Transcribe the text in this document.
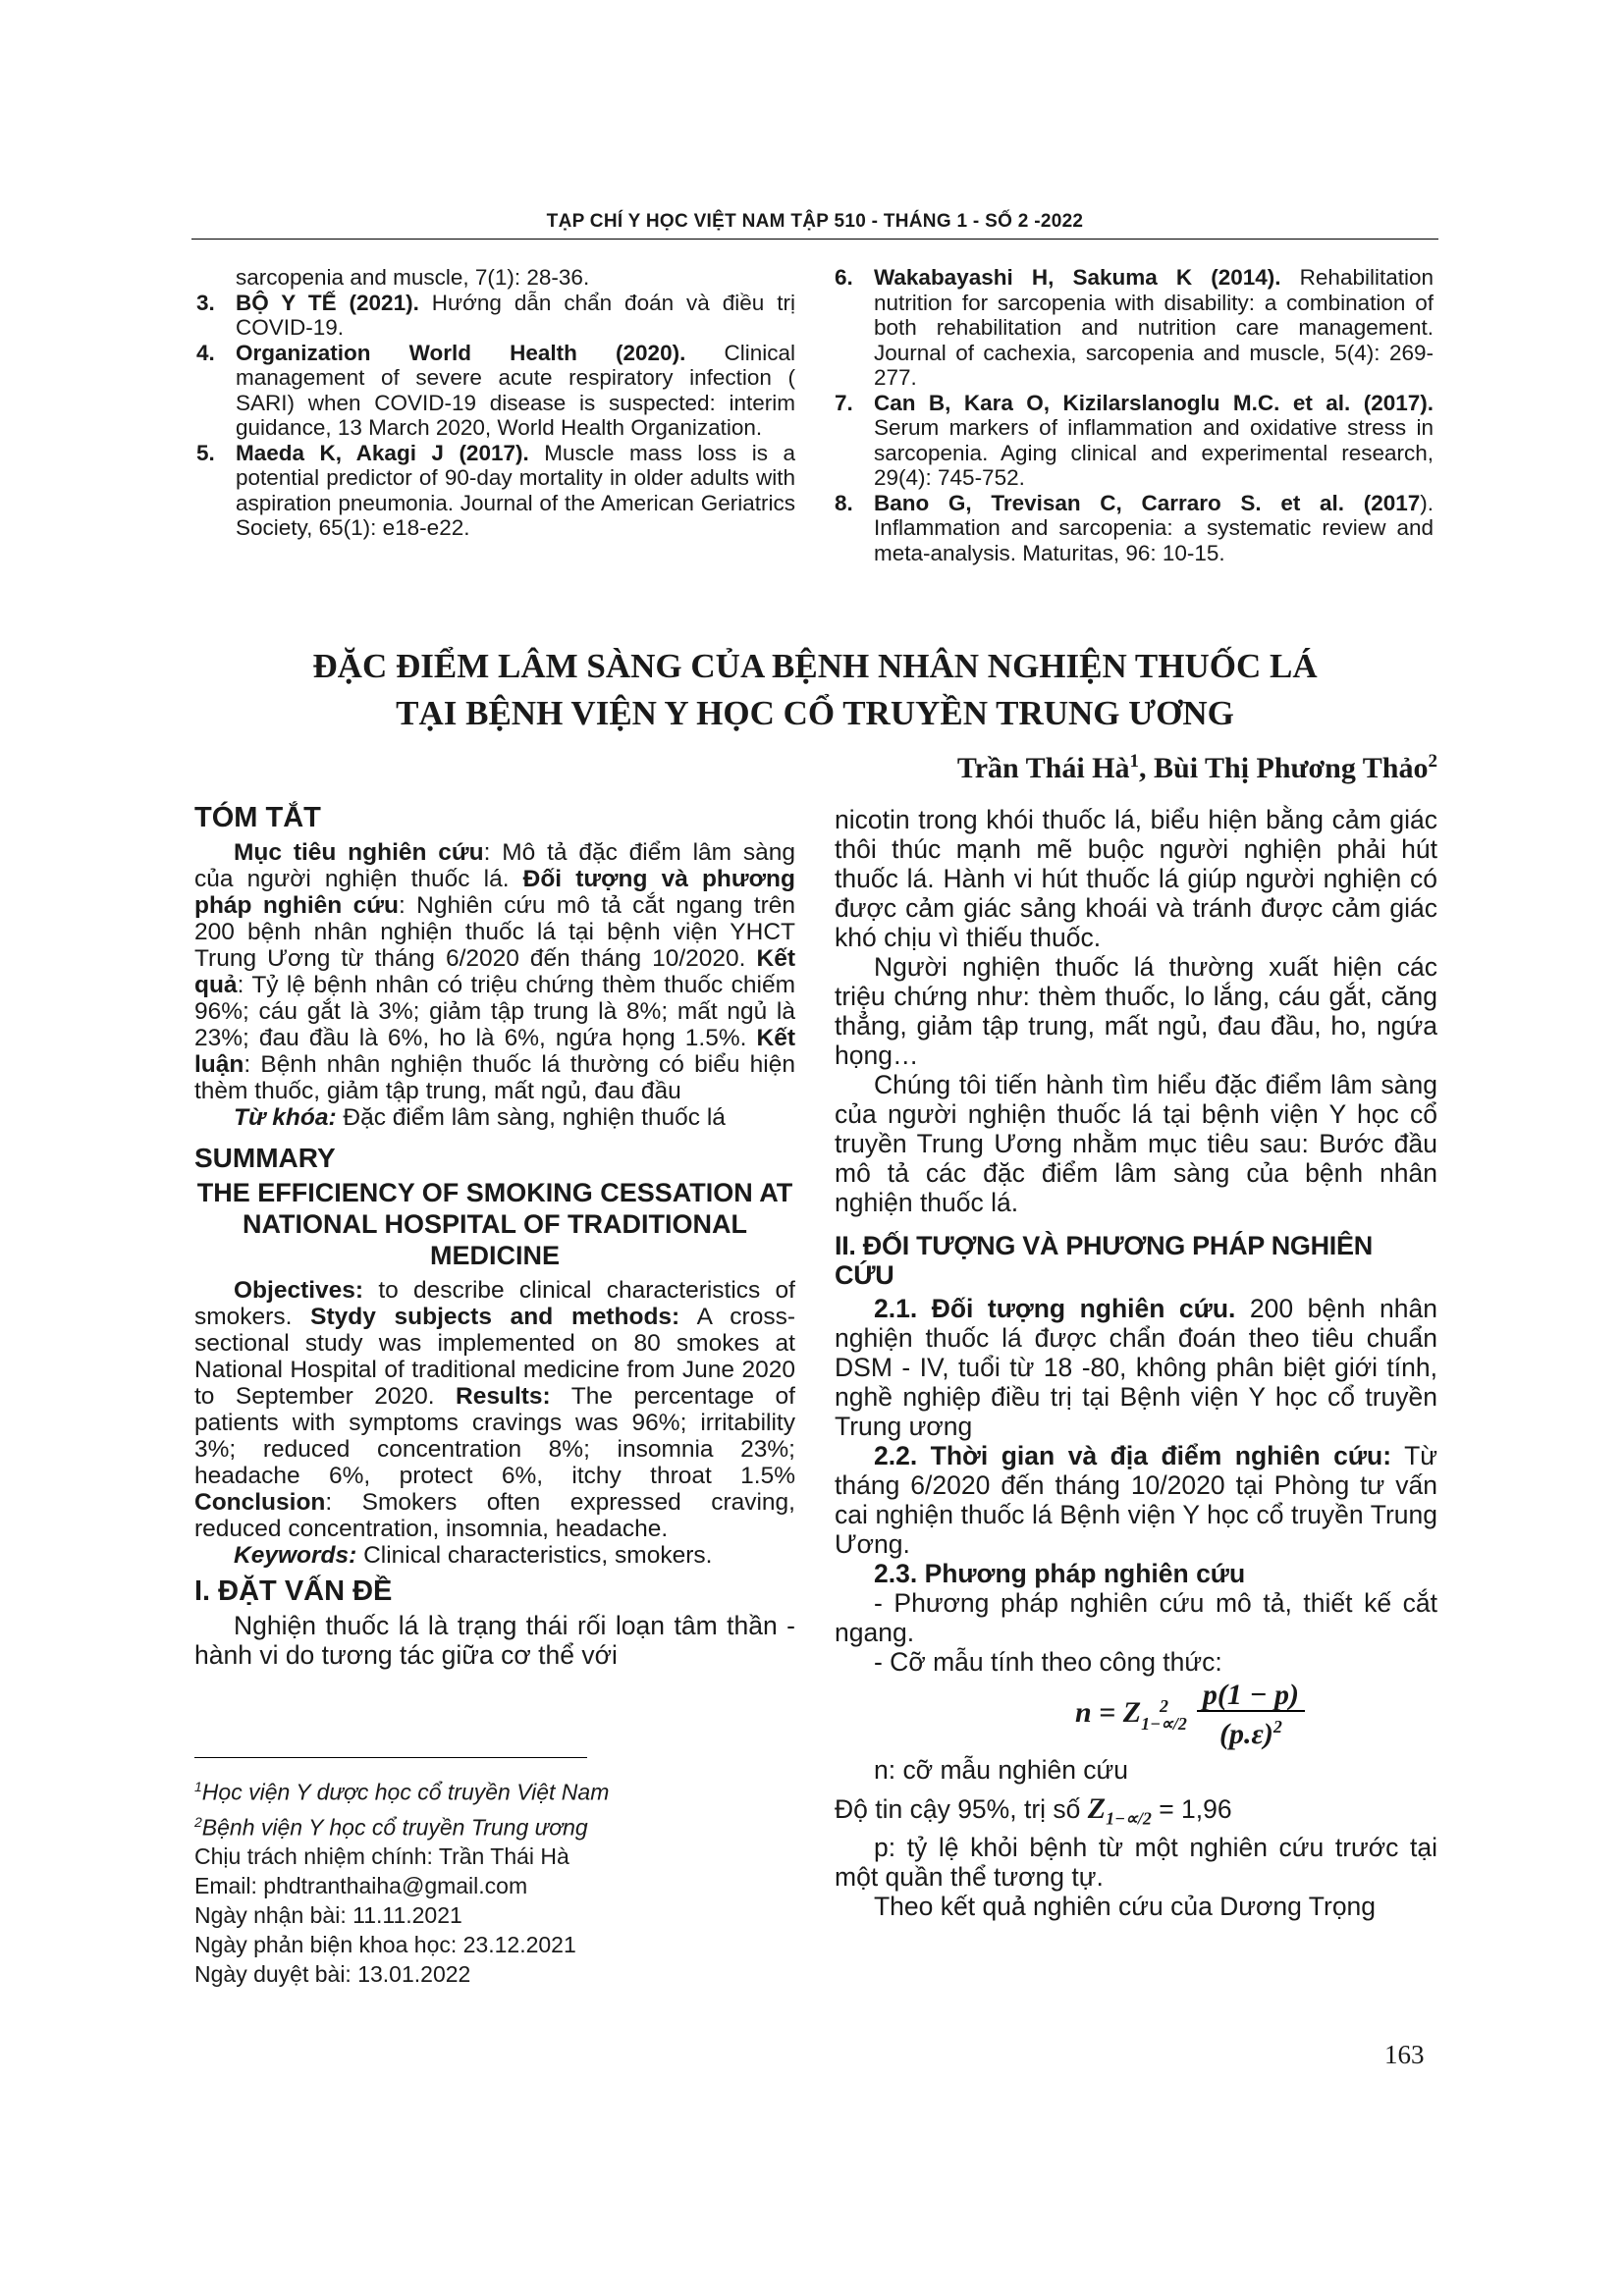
TẠP CHÍ Y HỌC VIỆT NAM TẬP 510 - THÁNG 1 - SỐ 2 -2022
sarcopenia and muscle, 7(1): 28-36.
3. BỘ Y TẾ (2021). Hướng dẫn chẩn đoán và điều trị COVID-19.
4. Organization World Health (2020). Clinical management of severe acute respiratory infection ( SARI) when COVID-19 disease is suspected: interim guidance, 13 March 2020, World Health Organization.
5. Maeda K, Akagi J (2017). Muscle mass loss is a potential predictor of 90-day mortality in older adults with aspiration pneumonia. Journal of the American Geriatrics Society, 65(1): e18-e22.
6. Wakabayashi H, Sakuma K (2014). Rehabilitation nutrition for sarcopenia with disability: a combination of both rehabilitation and nutrition care management. Journal of cachexia, sarcopenia and muscle, 5(4): 269-277.
7. Can B, Kara O, Kizilarslanoglu M.C. et al. (2017). Serum markers of inflammation and oxidative stress in sarcopenia. Aging clinical and experimental research, 29(4): 745-752.
8. Bano G, Trevisan C, Carraro S. et al. (2017). Inflammation and sarcopenia: a systematic review and meta-analysis. Maturitas, 96: 10-15.
ĐẶC ĐIỂM LÂM SÀNG CỦA BỆNH NHÂN NGHIỆN THUỐC LÁ
TẠI BỆNH VIỆN Y HỌC CỔ TRUYỀN TRUNG ƯƠNG
Trần Thái $Hà^1$, Bùi Thị Phương Thảo$^2$
TÓM TẮT

Mục tiêu nghiên cứu: Mô tả đặc điểm lâm sàng của người nghiện thuốc lá. Đối tượng và phương pháp nghiên cứu: Nghiên cứu mô tả cắt ngang trên 200 bệnh nhân nghiện thuốc lá tại bệnh viện YHCT Trung Ương từ tháng 6/2020 đến tháng 10/2020. Kết quả: Tỷ lệ bệnh nhân có triệu chứng thèm thuốc chiếm 96%; cáu gắt là 3%; giảm tập trung là 8%; mất ngủ là 23%; đau đầu là 6%, ho là 6%, ngứa họng 1.5%. Kết luận: Bệnh nhân nghiện thuốc lá thường có biểu hiện thèm thuốc, giảm tập trung, mất ngủ, đau đầu

Từ khóa: Đặc điểm lâm sàng, nghiện thuốc lá

SUMMARY
THE EFFICIENCY OF SMOKING CESSATION AT NATIONAL HOSPITAL OF TRADITIONAL MEDICINE

Objectives: to describe clinical characteristics of smokers. Stydy subjects and methods: A cross-sectional study was implemented on 80 smokes at National Hospital of traditional medicine from June 2020 to September 2020. Results: The percentage of patients with symptoms cravings was 96%; irritability 3%; reduced concentration 8%; insomnia 23%; headache 6%, protect 6%, itchy throat 1.5% Conclusion: Smokers often expressed craving, reduced concentration, insomnia, headache.

Keywords: Clinical characteristics, smokers.

I. ĐẶT VẤN ĐỀ

Nghiện thuốc lá là trạng thái rối loạn tâm thần - hành vi do tương tác giữa cơ thể với

$^1$Học viện Y dược học cổ truyền Việt Nam
$^2$Bệnh viện Y học cổ truyền Trung ương
Chịu trách nhiệm chính: Trần Thái Hà
Email: phdtranthaiha@gmail.com
Ngày nhận bài: 11.11.2021
Ngày phản biện khoa học: 23.12.2021
Ngày duyệt bài: 13.01.2022

nicotin trong khói thuốc lá, biểu hiện bằng cảm giác thôi thúc mạnh mẽ buộc người nghiện phải hút thuốc lá. Hành vi hút thuốc lá giúp người nghiện có được cảm giác sảng khoái và tránh được cảm giác khó chịu vì thiếu thuốc.

Người nghiện thuốc lá thường xuất hiện các triệu chứng như: thèm thuốc, lo lắng, cáu gắt, căng thẳng, giảm tập trung, mất ngủ, đau đầu, ho, ngứa họng…

Chúng tôi tiến hành tìm hiểu đặc điểm lâm sàng của người nghiện thuốc lá tại bệnh viện Y học cổ truyền Trung Ương nhằm mục tiêu sau: Bước đầu mô tả các đặc điểm lâm sàng của bệnh nhân nghiện thuốc lá.

II. ĐỐI TƯỢNG VÀ PHƯƠNG PHÁP NGHIÊN CỨU

2.1. Đối tượng nghiên cứu. 200 bệnh nhân nghiện thuốc lá được chẩn đoán theo tiêu chuẩn DSM - IV, tuổi từ 18 -80, không phân biệt giới tính, nghề nghiệp điều trị tại Bệnh viện Y học cổ truyền Trung ương

2.2. Thời gian và địa điểm nghiên cứu: Từ tháng 6/2020 đến tháng 10/2020 tại Phòng tư vấn cai nghiện thuốc lá Bệnh viện Y học cổ truyền Trung Ương.

2.3. Phương pháp nghiên cứu

- Phương pháp nghiên cứu mô tả, thiết kế cắt ngang.

- Cỡ mẫu tính theo công thức:

n = Z	2
$1-\propto/2 \frac{p(1 - p)}{(p.\varepsilon)^2}$

n: cỡ mẫu nghiên cứu

Độ tin cậy 95%, trị số $Z_{1-\propto/2} = 1,96$

p: tỷ lệ khỏi bệnh từ một nghiên cứu trước tại một quần thể tương tự.

Theo kết quả nghiên cứu của Dương Trọng

163
